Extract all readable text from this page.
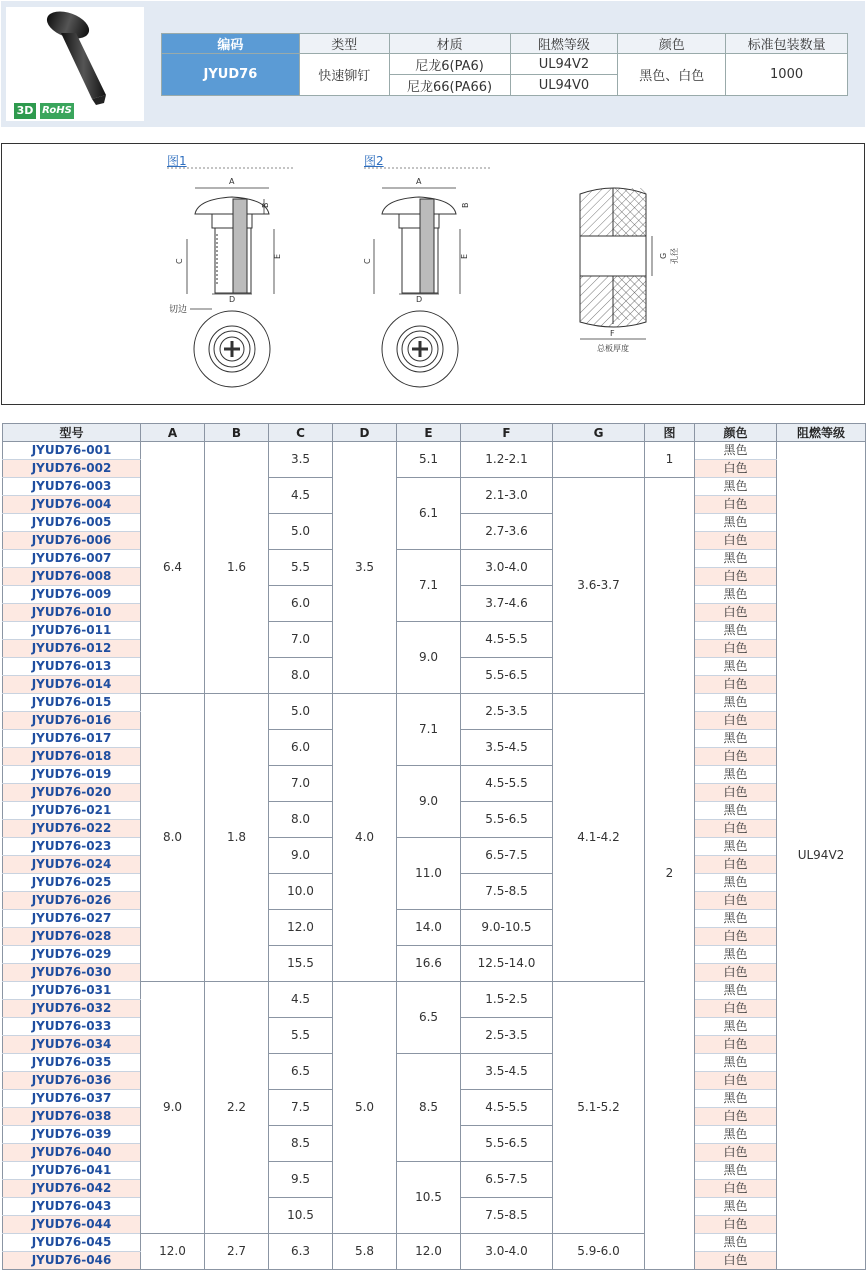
3D RoHS
编码	类型	材质	阻燃等级	颜色	标准包装数量
JYUD76	快速铆钉	尼龙6(PA6)	UL94V2	黑色、白色	1000
		尼龙66(PA66)	UL94V0		
图1	图2
A
B
C
D
E
切边
A
B
C
D
E	G 孔径
F
总板厚度
型号	A	B	C	D	E	F	G	图	颜色	阻燃等级
JYUD76-001	6.4	1.6	3.5	3.5	5.1	1.2-2.1		1	黑色	UL94V2
JYUD76-002									白色	
JYUD76-003			4.5		6.1	2.1-3.0	3.6-3.7	2	黑色	
JYUD76-004									白色	
JYUD76-005			5.0			2.7-3.6			黑色	
JYUD76-006									白色	
JYUD76-007			5.5		7.1	3.0-4.0			黑色	
JYUD76-008									白色	
JYUD76-009			6.0			3.7-4.6			黑色	
JYUD76-010									白色	
JYUD76-011			7.0		9.0	4.5-5.5			黑色	
JYUD76-012									白色	
JYUD76-013			8.0			5.5-6.5			黑色	
JYUD76-014									白色	
JYUD76-015	8.0	1.8	5.0	4.0	7.1	2.5-3.5	4.1-4.2		黑色	
JYUD76-016									白色	
JYUD76-017			6.0			3.5-4.5			黑色	
JYUD76-018									白色	
JYUD76-019			7.0		9.0	4.5-5.5			黑色	
JYUD76-020									白色	
JYUD76-021			8.0			5.5-6.5			黑色	
JYUD76-022									白色	
JYUD76-023			9.0		11.0	6.5-7.5			黑色	
JYUD76-024									白色	
JYUD76-025			10.0			7.5-8.5			黑色	
JYUD76-026									白色	
JYUD76-027			12.0		14.0	9.0-10.5			黑色	
JYUD76-028									白色	
JYUD76-029			15.5		16.6	12.5-14.0			黑色	
JYUD76-030									白色	
JYUD76-031	9.0	2.2	4.5	5.0	6.5	1.5-2.5	5.1-5.2		黑色	
JYUD76-032									白色	
JYUD76-033			5.5			2.5-3.5			黑色	
JYUD76-034									白色	
JYUD76-035			6.5		8.5	3.5-4.5			黑色	
JYUD76-036									白色	
JYUD76-037			7.5			4.5-5.5			黑色	
JYUD76-038									白色	
JYUD76-039			8.5			5.5-6.5			黑色	
JYUD76-040									白色	
JYUD76-041			9.5		10.5	6.5-7.5			黑色	
JYUD76-042									白色	
JYUD76-043			10.5			7.5-8.5			黑色	
JYUD76-044									白色	
JYUD76-045	12.0	2.7	6.3	5.8	12.0	3.0-4.0	5.9-6.0		黑色	
JYUD76-046									白色	
